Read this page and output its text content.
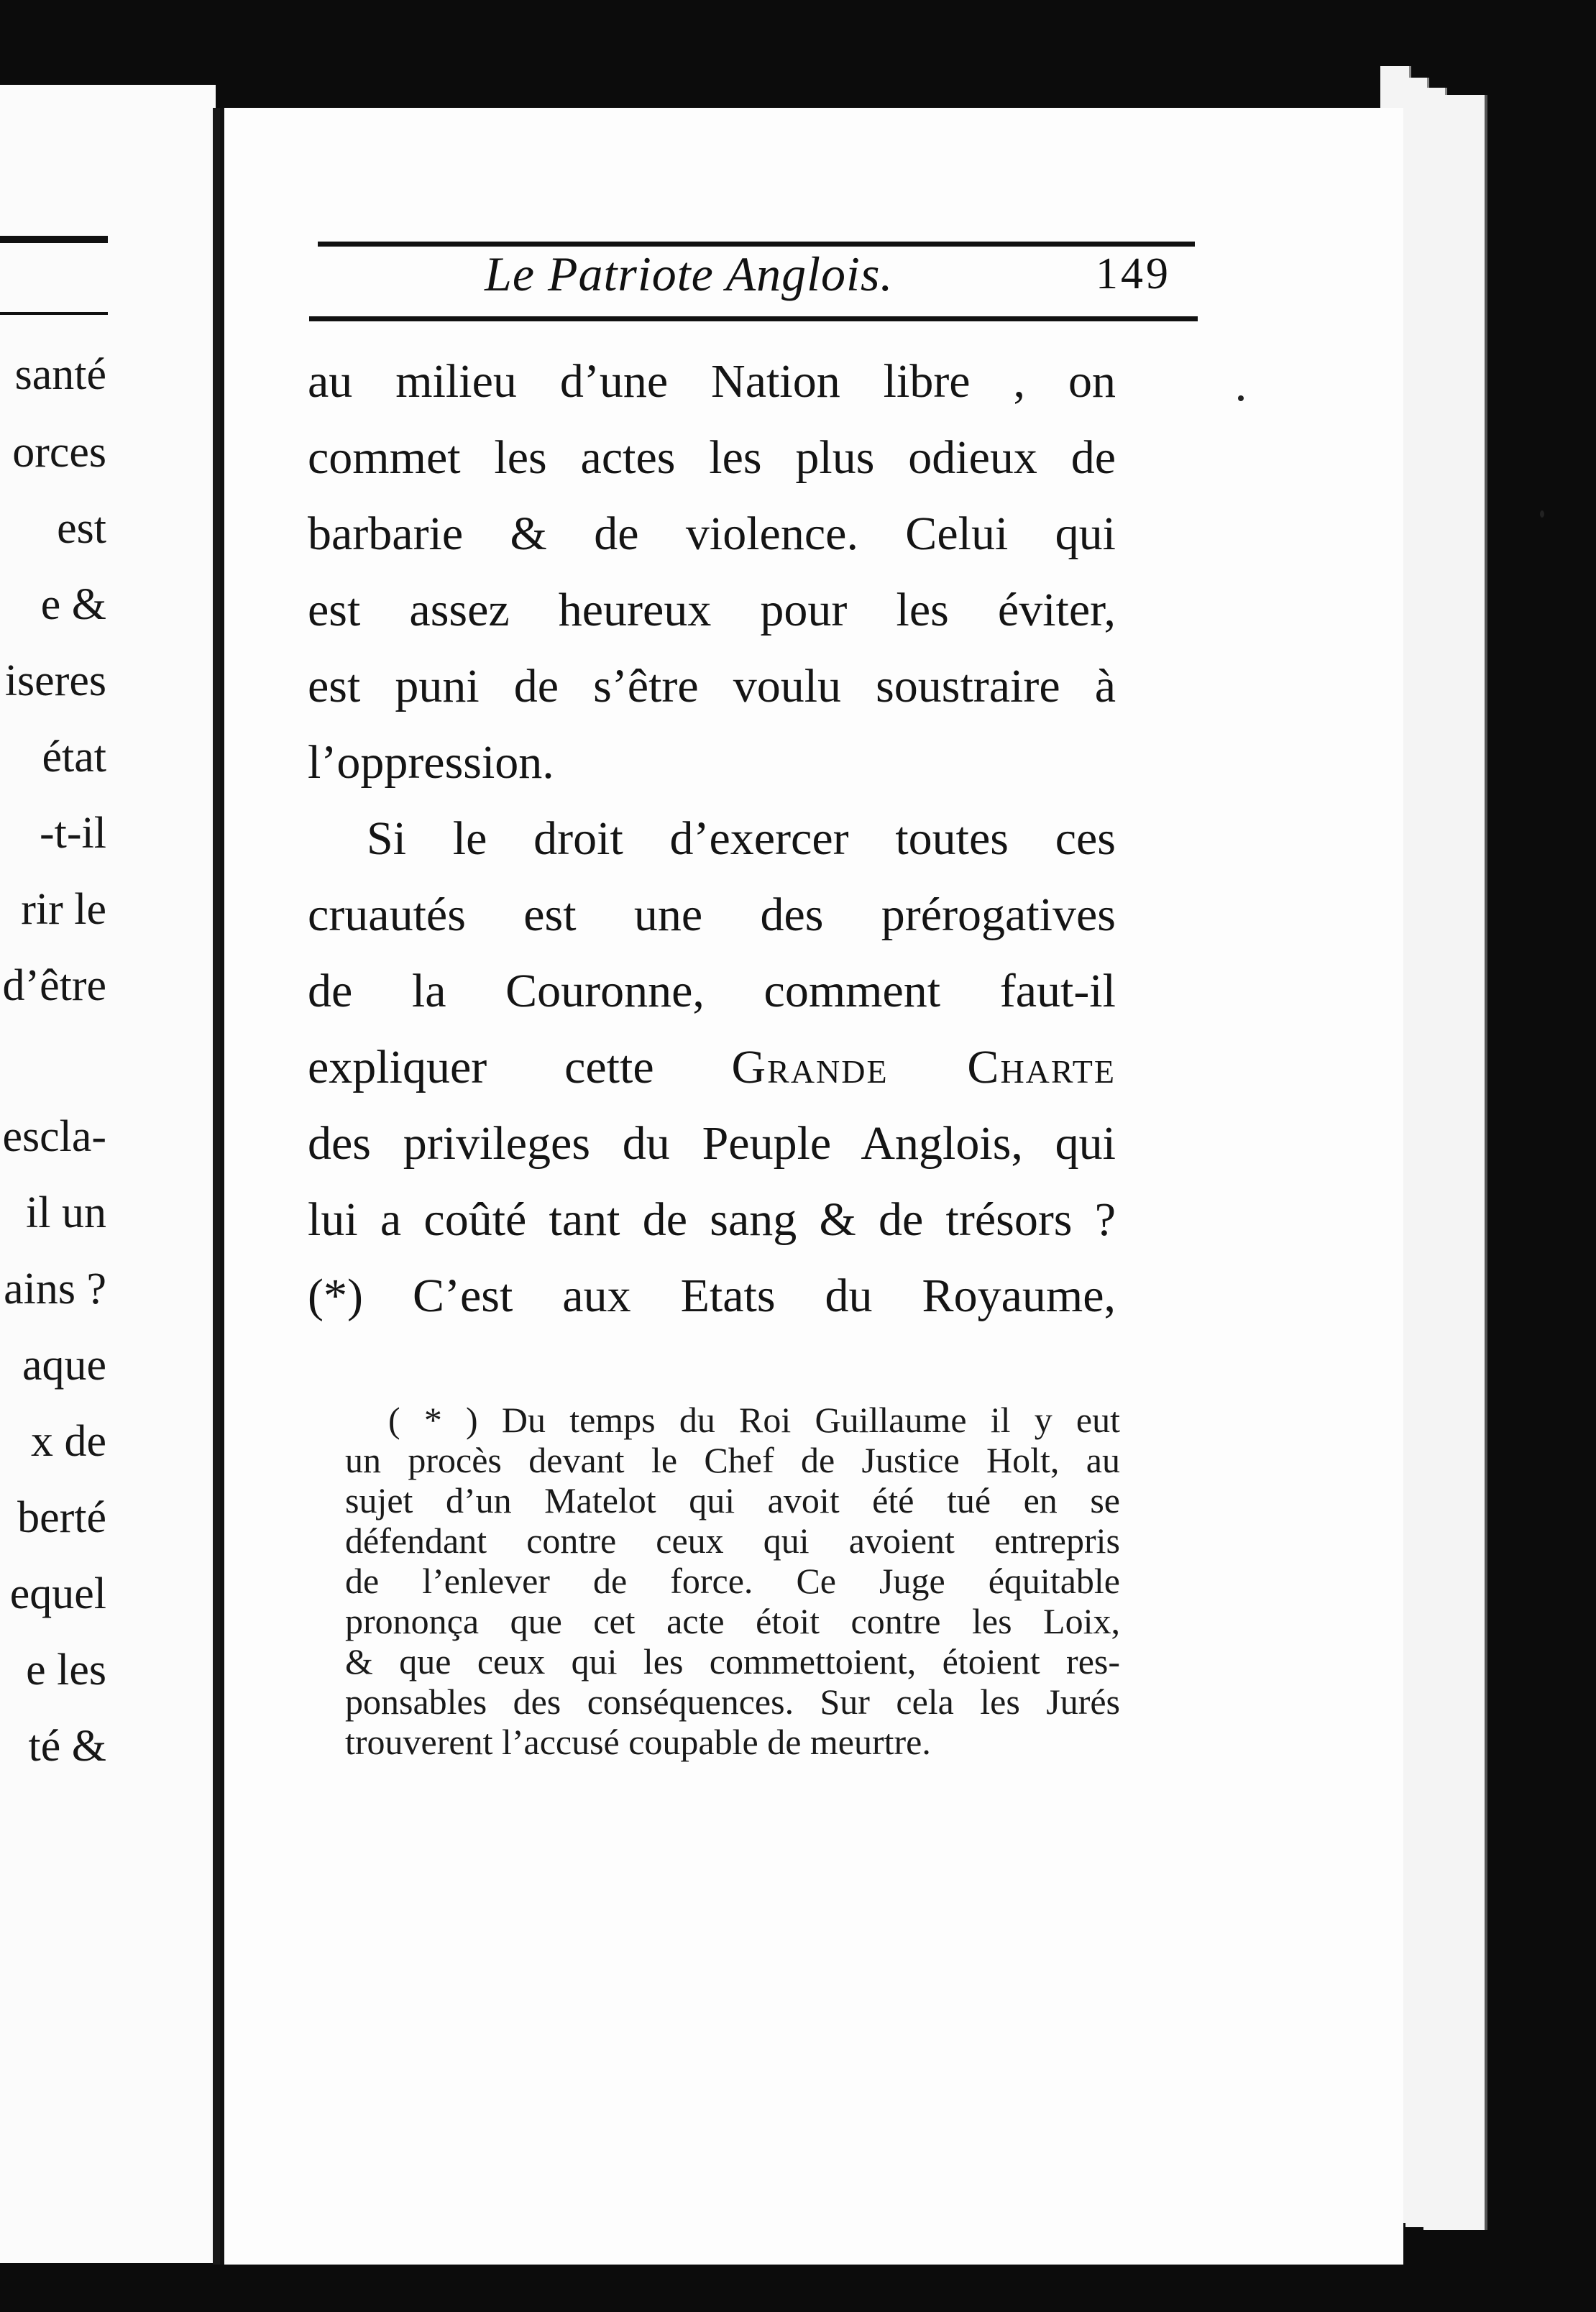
santé
orces
est
e &
iseres
état
-t-il
rir le
d’être
escla-
il un
ains ?
aque
x de
berté
equel
e les
té &
Le Patriote Anglois.	149
au milieu d’une Nation libre , on
commet les actes les plus odieux de
barbarie & de violence. Celui qui
est assez heureux pour les éviter,
est puni de s’être voulu soustraire à
l’oppression.
Si le droit d’exercer toutes ces
cruautés est une des prérogatives
de la Couronne, comment faut-il
expliquer cette Grande Charte
des privileges du Peuple Anglois, qui
lui a coûté tant de sang & de trésors ?
(*) C’est aux Etats du Royaume,
( * ) Du temps du Roi Guillaume il y eut
un procès devant le Chef de Justice Holt, au
sujet d’un Matelot qui avoit été tué en se
défendant contre ceux qui avoient entrepris
de l’enlever de force. Ce Juge équitable
prononça que cet acte étoit contre les Loix,
& que ceux qui les commettoient, étoient res-
ponsables des conséquences. Sur cela les Jurés
trouverent l’accusé coupable de meurtre.
